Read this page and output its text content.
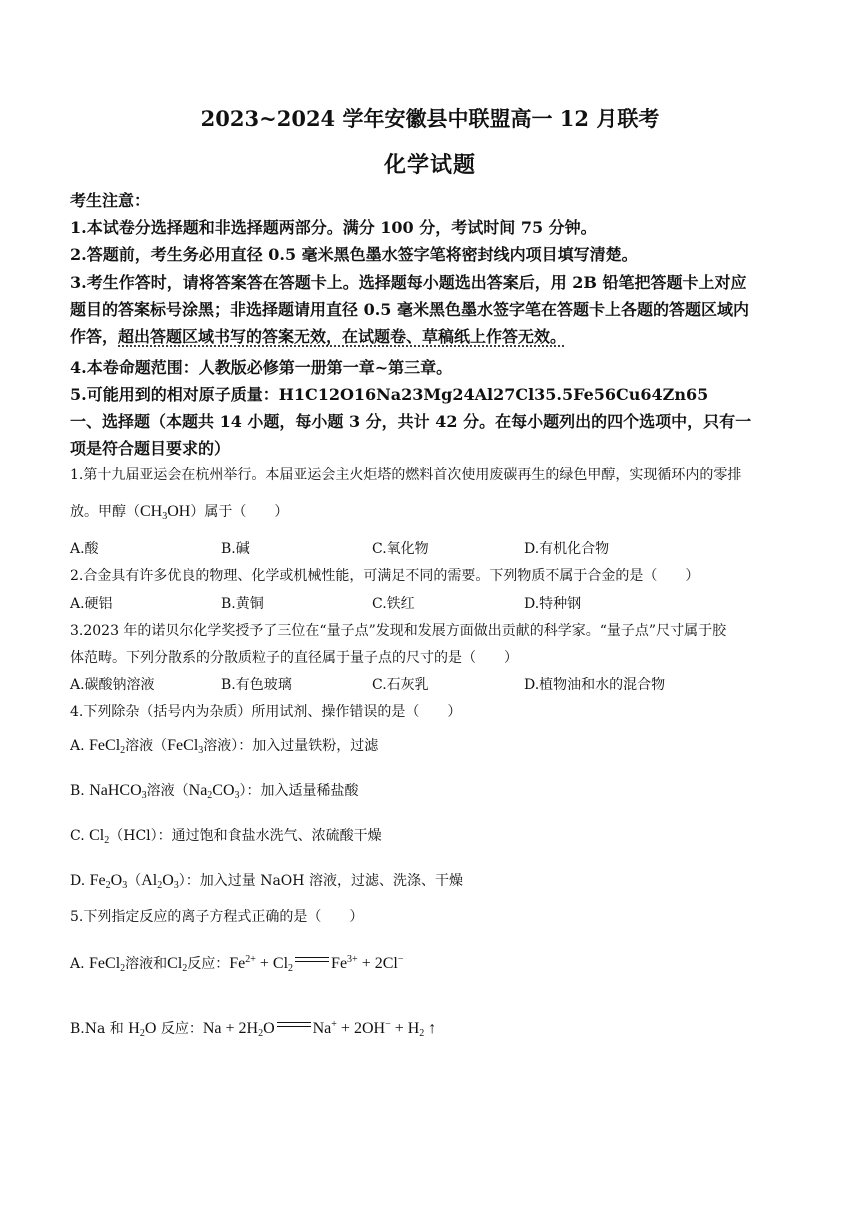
2023~2024 学年安徽县中联盟高一 12 月联考
化学试题
考生注意：
1.本试卷分选择题和非选择题两部分。满分 100 分，考试时间 75 分钟。
2.答题前，考生务必用直径 0.5 毫米黑色墨水签字笔将密封线内项目填写清楚。
3.考生作答时，请将答案答在答题卡上。选择题每小题选出答案后，用 2B 铅笔把答题卡上对应
题目的答案标号涂黑；非选择题请用直径 0.5 毫米黑色墨水签字笔在答题卡上各题的答题区域内
作答，超出答题区域书写的答案无效，在试题卷、草稿纸上作答无效。
4.本卷命题范围：人教版必修第一册第一章~第三章。
5.可能用到的相对原子质量：H1C12O16Na23Mg24Al27Cl35.5Fe56Cu64Zn65
一、选择题（本题共 14 小题，每小题 3 分，共计 42 分。在每小题列出的四个选项中，只有一
项是符合题目要求的）
1.第十九届亚运会在杭州举行。本届亚运会主火炬塔的燃料首次使用废碳再生的绿色甲醇，实现循环内的零排
放。甲醇$(CH_3OH)$属于（　　）
A.酸	B.碱	C.氧化物	D.有机化合物
2.合金具有许多优良的物理、化学或机械性能，可满足不同的需要。下列物质不属于合金的是（　　）
A.硬铝	B.黄铜	C.铁红	D.特种钢
3.2023 年的诺贝尔化学奖授予了三位在“量子点”发现和发展方面做出贡献的科学家。“量子点”尺寸属于胶
体范畴。下列分散系的分散质粒子的直径属于量子点的尺寸的是（　　）
A.碳酸钠溶液	B.有色玻璃	C.石灰乳	D.植物油和水的混合物
4.下列除杂（括号内为杂质）所用试剂、操作错误的是（　　）
A. FeCl$_2$溶液（FeCl$_3$溶液）：加入过量铁粉，过滤
B. NaHCO$_3$溶液$(Na_2CO_3)$：加入适量稀盐酸
C. $Cl_2(HCl)$：通过饱和食盐水洗气、浓硫酸干燥
D. $Fe_2O_3(Al_2O_3)$：加入过量 NaOH 溶液，过滤、洗涤、干燥
5.下列指定反应的离子方程式正确的是（　　）
A. FeCl$_2$溶液和$Cl_2$反应：$Fe^{2+} + Cl_2$ $Fe^{3+} + 2Cl^-$
B.Na 和 $H_2O$ 反应：$Na + 2H_2O$ $Na^+ + 2OH^- + H_2$ ↑
